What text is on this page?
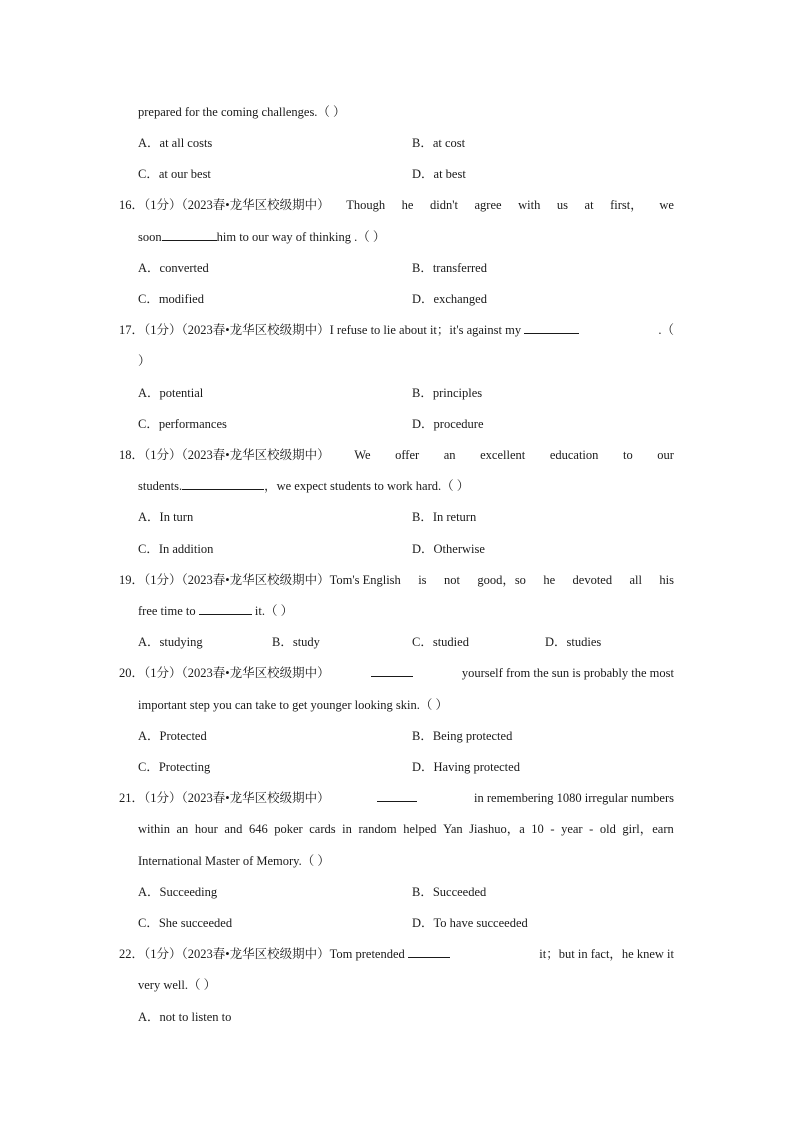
prepared for the coming challenges.（ ）
A．at all costs	B．at cost
C．at our best	D．at best
16．（1分）（2023春•龙华区校级期中） Though he didn't agree with us at first， we
soon	him to our way of thinking .（ ）
A．converted	B．transferred
C．modified	D．exchanged
17．（1分）（2023春•龙华区校级期中）I refuse to lie about it；it's against my	.（
）
A．potential	B．principles
C．performances	D．procedure
18．（1分）（2023春•龙华区校级期中） We offer an excellent education to our
students.	，we expect students to work hard.（ ）
A．In turn	B．In return
C．In addition	D．Otherwise
19．（1分）（2023春•龙华区校级期中）Tom's English is not good，so he devoted all his
free time to	it.（ ）
A．studying	B．study	C．studied	D．studies
20．（1分）（2023春•龙华区校级期中）	yourself from the sun is probably the most
important step you can take to get younger looking skin.（ ）
A．Protected	B．Being protected
C．Protecting	D．Having protected
21．（1分）（2023春•龙华区校级期中）	in remembering 1080 irregular numbers
within an hour and 646 poker cards in random helped Yan Jiashuo，a 10 - year - old girl，earn
International Master of Memory.（ ）
A．Succeeding	B．Succeeded
C．She succeeded	D．To have succeeded
22．（1分）（2023春•龙华区校级期中）Tom pretended	it；but in fact，he knew it
very well.（ ）
A．not to listen to
